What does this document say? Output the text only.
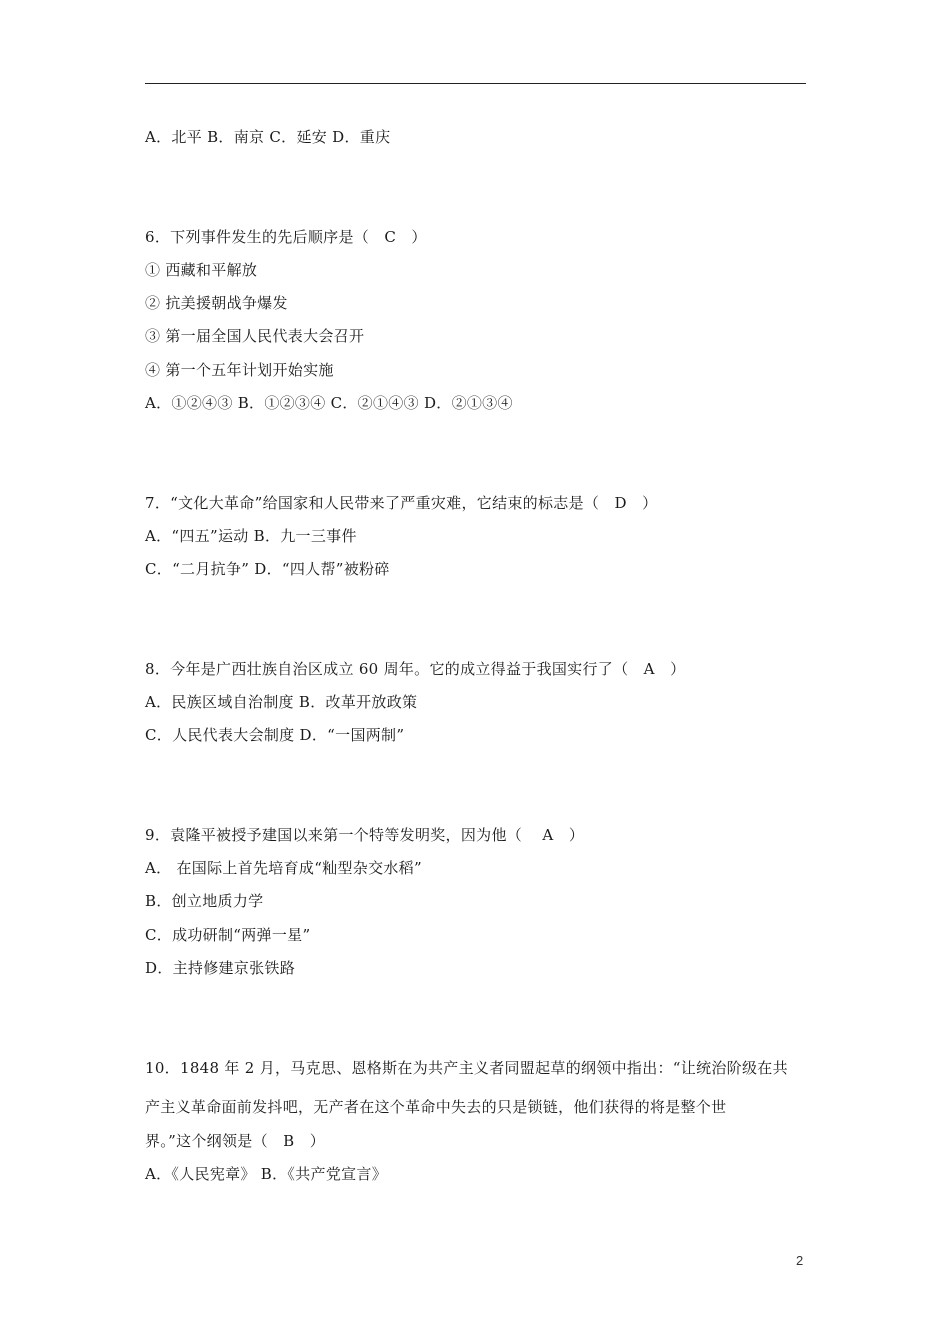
A．北平 B．南京 C．延安 D．重庆
6．下列事件发生的先后顺序是（　C　）
① 西藏和平解放
② 抗美援朝战争爆发
③ 第一届全国人民代表大会召开
④ 第一个五年计划开始实施
A．①②④③ B．①②③④ C．②①④③ D．②①③④
7．“文化大革命”给国家和人民带来了严重灾难，它结束的标志是（　D　）
A．“四五”运动 B．九一三事件
C．“二月抗争” D．“四人帮”被粉碎
8．今年是广西壮族自治区成立 60 周年。它的成立得益于我国实行了（　A　）
A．民族区域自治制度 B．改革开放政策
C．人民代表大会制度 D．“一国两制”
9．袁隆平被授予建国以来第一个特等发明奖，因为他（　 A　）
A． 在国际上首先培育成“籼型杂交水稻”
B．创立地质力学
C．成功研制“两弹一星”
D．主持修建京张铁路
10．1848 年 2 月，马克思、恩格斯在为共产主义者同盟起草的纲领中指出：“让统治阶级在共
产主义革命面前发抖吧，无产者在这个革命中失去的只是锁链，他们获得的将是整个世
界。”这个纲领是（　B　）
A．《人民宪章》 B．《共产党宣言》
2
